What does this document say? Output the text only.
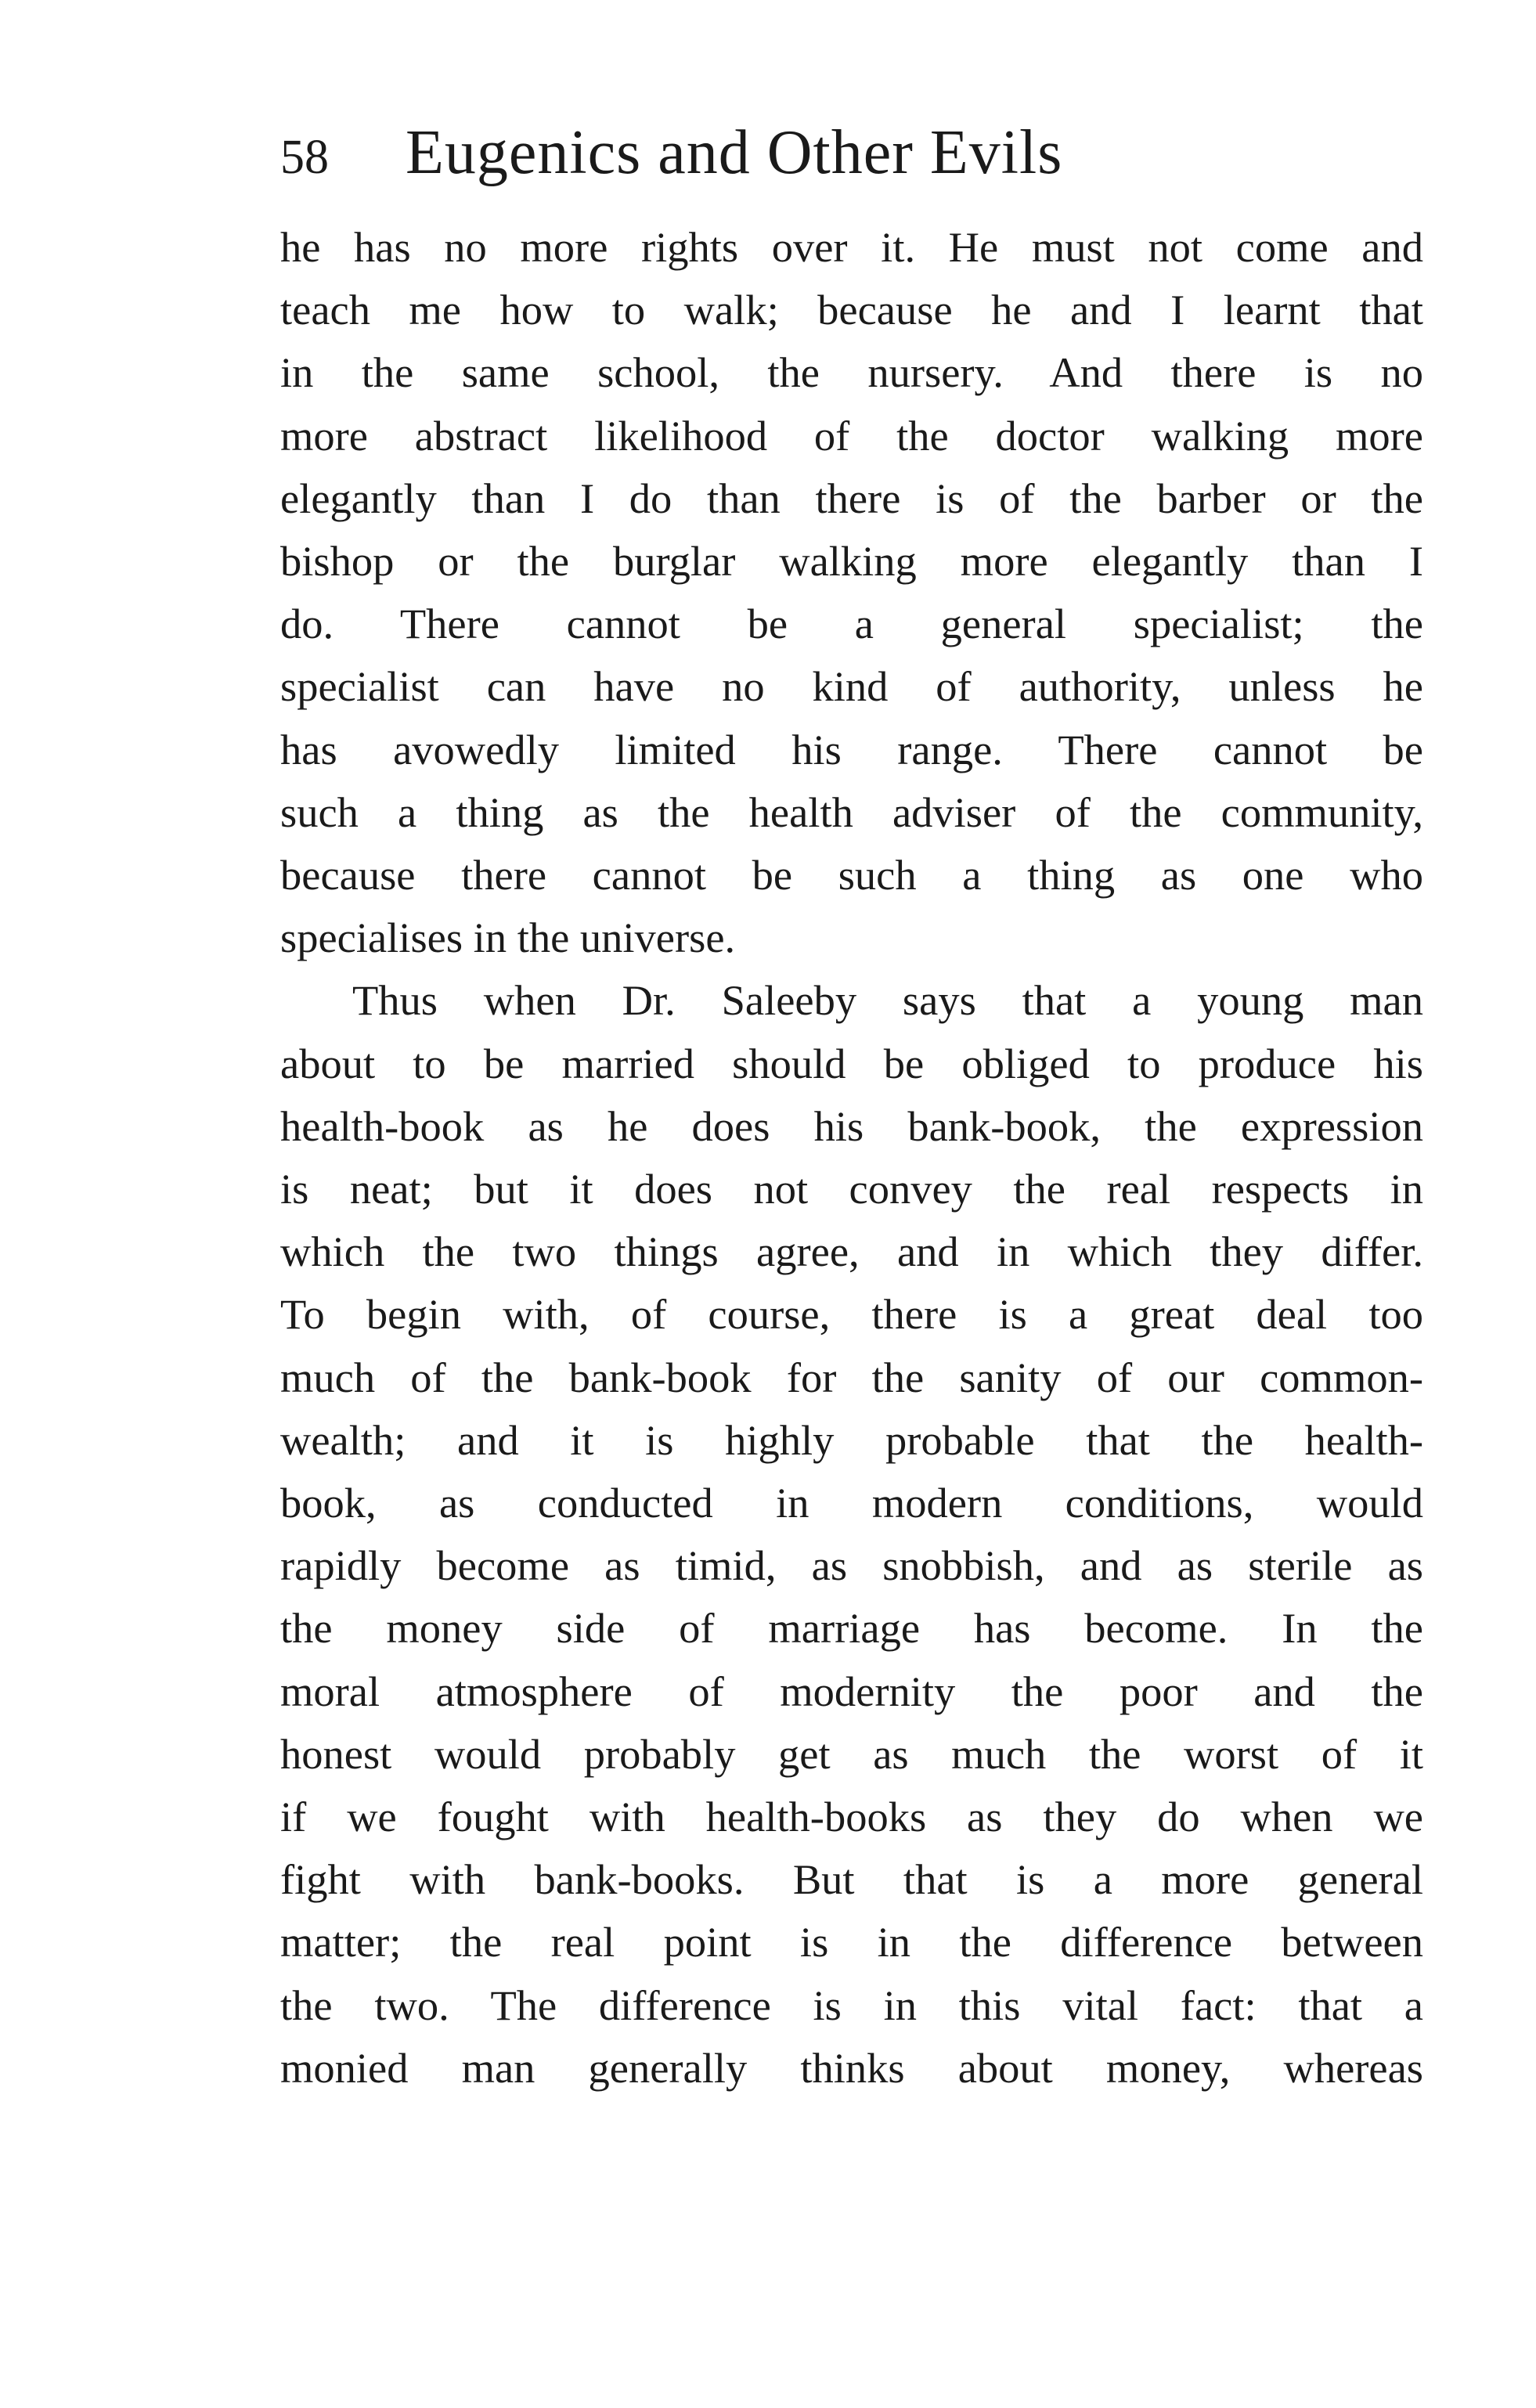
58	Eugenics and Other Evils

he has no more rights over it. He must not come and

teach me how to walk; because he and I learnt that

in the same school, the nursery. And there is no

more abstract likelihood of the doctor walking more

elegantly than I do than there is of the barber or the

bishop or the burglar walking more elegantly than I

do. There cannot be a general specialist; the

specialist can have no kind of authority, unless he

has avowedly limited his range. There cannot be

such a thing as the health adviser of the community,

because there cannot be such a thing as one who

specialises in the universe.

Thus when Dr. Saleeby says that a young man

about to be married should be obliged to produce his

health-book as he does his bank-book, the expression

is neat; but it does not convey the real respects in

which the two things agree, and in which they differ.

To begin with, of course, there is a great deal too

much of the bank-book for the sanity of our common-

wealth; and it is highly probable that the health-

book, as conducted in modern conditions, would

rapidly become as timid, as snobbish, and as sterile as

the money side of marriage has become. In the

moral atmosphere of modernity the poor and the

honest would probably get as much the worst of it

if we fought with health-books as they do when we

fight with bank-books. But that is a more general

matter; the real point is in the difference between

the two. The difference is in this vital fact: that a

monied man generally thinks about money, whereas
